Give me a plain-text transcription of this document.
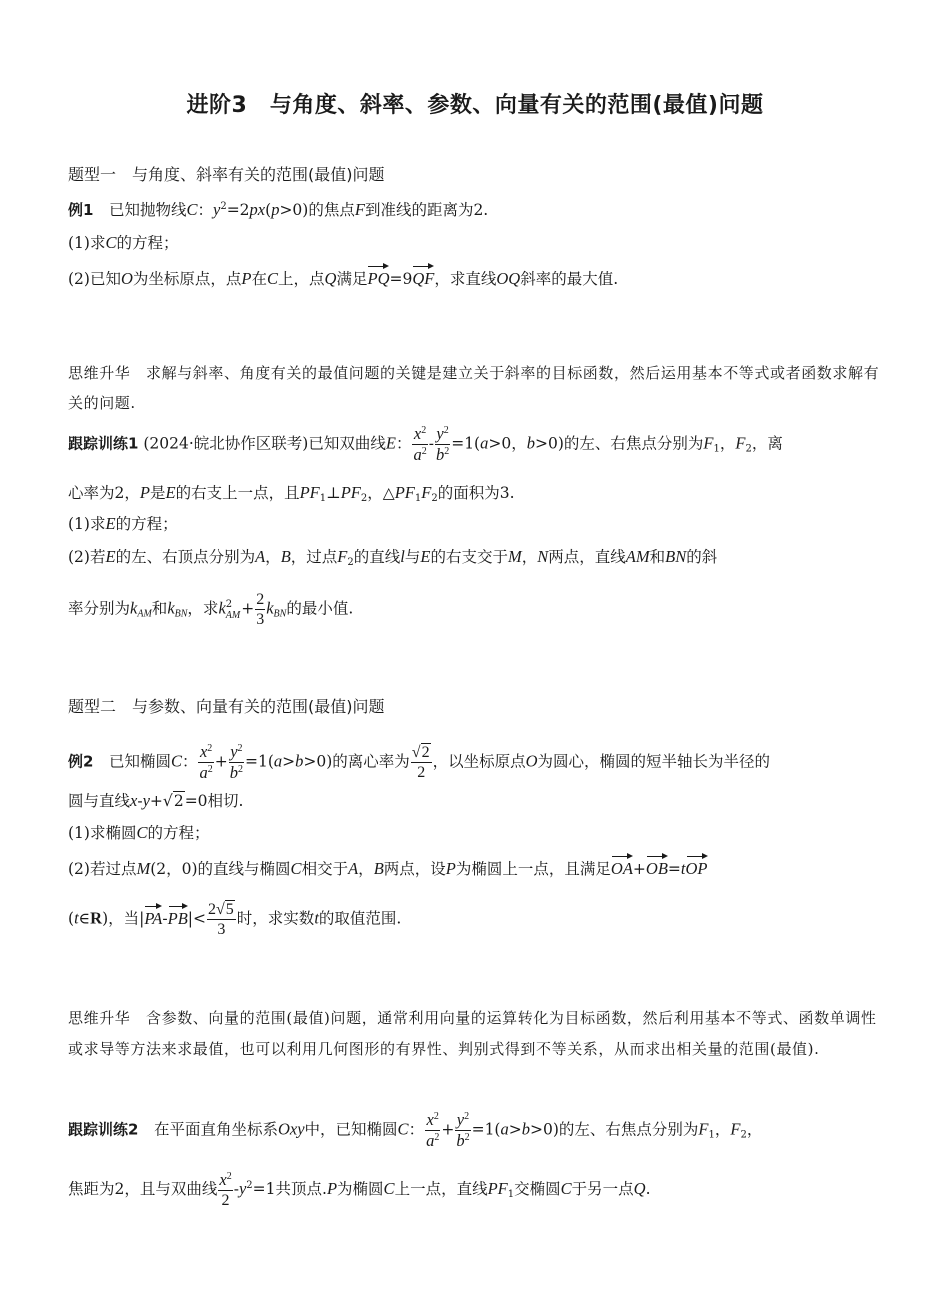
进阶3　与角度、斜率、参数、向量有关的范围(最值)问题
题型一　与角度、斜率有关的范围(最值)问题
例1　已知抛物线C：$y^2=2px(p>0)$的焦点F到准线的距离为2.
(1)求C的方程；
(2)已知O为坐标原点，点P在C上，点Q满足PQ=9QF，求直线OQ斜率的最大值.
思维升华　求解与斜率、角度有关的最值问题的关键是建立关于斜率的目标函数，然后运用基本不等式或者函数求解有关的问题.
跟踪训练1 (2024·皖北协作区联考)已知双曲线E： $\frac{x^2}{a^2} - \frac{y^2}{b^2} =1(a>0$，b>0)的左、右焦点分别为$F_1$，$F_2$，离
心率为2，P是E的右支上一点，且$PF_1\perp PF_2$，$\triangle PF_1F_2$的面积为3.
(1)求E的方程；
(2)若E的左、右顶点分别为A，B，过点$F_2$的直线l与E的右支交于M，N两点，直线AM和BN的斜
率分别为$k_{AM}$和$k_{BN}$，求k 2
AM + $\frac{2}{3} k_{BN}$的最小值.
题型二　与参数、向量有关的范围(最值)问题
例2　已知椭圆C： $\frac{x^2}{a^2} + \frac{y^2}{b^2} =1(a>b>0)$的离心率为 $\frac{√2}{2}$ ，以坐标原点O为圆心，椭圆的短半轴长为半径的
圆与直线x-y+√2=0相切.
(1)求椭圆C的方程；
(2)若过点M(2，0)的直线与椭圆C相交于A，B两点，设P为椭圆上一点，且满足OA+OB=tOP
(t∈R)，当$|PA-PB|< \frac{2√5}{3}$ 时，求实数t的取值范围.
思维升华　含参数、向量的范围(最值)问题，通常利用向量的运算转化为目标函数，然后利用基本不等式、函数单调性或求导等方法来求最值，也可以利用几何图形的有界性、判别式得到不等关系，从而求出相关量的范围(最值).
跟踪训练2　在平面直角坐标系Oxy中，已知椭圆C： $\frac{x^2}{a^2} + \frac{y^2}{b^2} =1(a>b>0)$的左、右焦点分别为$F_1$，$F_2$，
焦距为2，且与双曲线 $\frac{x^2}{2} -y^2=1$共顶点.P为椭圆C上一点，直线$PF_1$交椭圆C于另一点Q.
